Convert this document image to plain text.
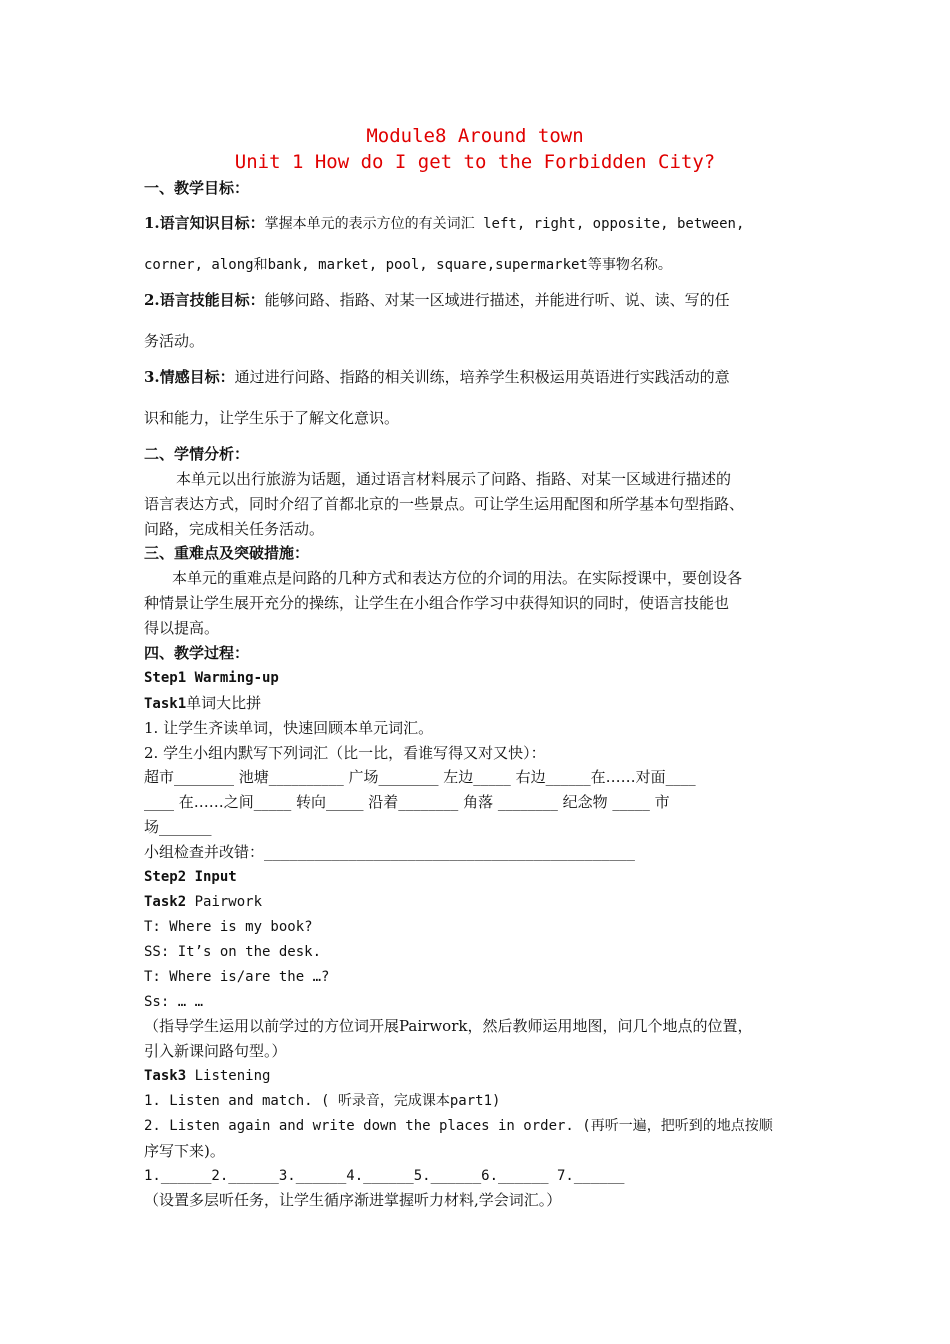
Module8 Around town
Unit 1 How do I get to the Forbidden City?
一、教学目标：
1.语言知识目标：掌握本单元的表示方位的有关词汇 left, right, opposite, between,
corner, along和bank, market, pool, square,supermarket等事物名称。
2.语言技能目标：能够问路、指路、对某一区域进行描述，并能进行听、说、读、写的任
务活动。
3.情感目标：通过进行问路、指路的相关训练，培养学生积极运用英语进行实践活动的意
识和能力，让学生乐于了解文化意识。
二、学情分析：
本单元以出行旅游为话题，通过语言材料展示了问路、指路、对某一区域进行描述的
语言表达方式，同时介绍了首都北京的一些景点。可让学生运用配图和所学基本句型指路、
问路，完成相关任务活动。
三、重难点及突破措施：
本单元的重难点是问路的几种方式和表达方位的介词的用法。在实际授课中，要创设各
种情景让学生展开充分的操练，让学生在小组合作学习中获得知识的同时，使语言技能也
得以提高。
四、教学过程：
Step1 Warming-up
Task1单词大比拼
1. 让学生齐读单词，快速回顾本单元词汇。
2. 学生小组内默写下列词汇（比一比，看谁写得又对又快）：
超市________ 池塘__________ 广场________ 左边_____ 右边______在……对面____
____ 在……之间_____ 转向_____ 沿着________ 角落 ________ 纪念物 _____ 市
场_______
小组检查并改错：____________________________________________
Step2 Input
Task2 Pairwork
T: Where is my book?
SS: It’s on the desk.
T: Where is/are the …?
Ss: … …
（指导学生运用以前学过的方位词开展Pairwork，然后教师运用地图，问几个地点的位置，
引入新课问路句型。）
Task3 Listening
1. Listen and match. ( 听录音，完成课本part1)
2. Listen again and write down the places in order. (再听一遍，把听到的地点按顺
序写下来)。
1.______2.______3.______4.______5.______6.______ 7.______
（设置多层听任务，让学生循序渐进掌握听力材料,学会词汇。）
